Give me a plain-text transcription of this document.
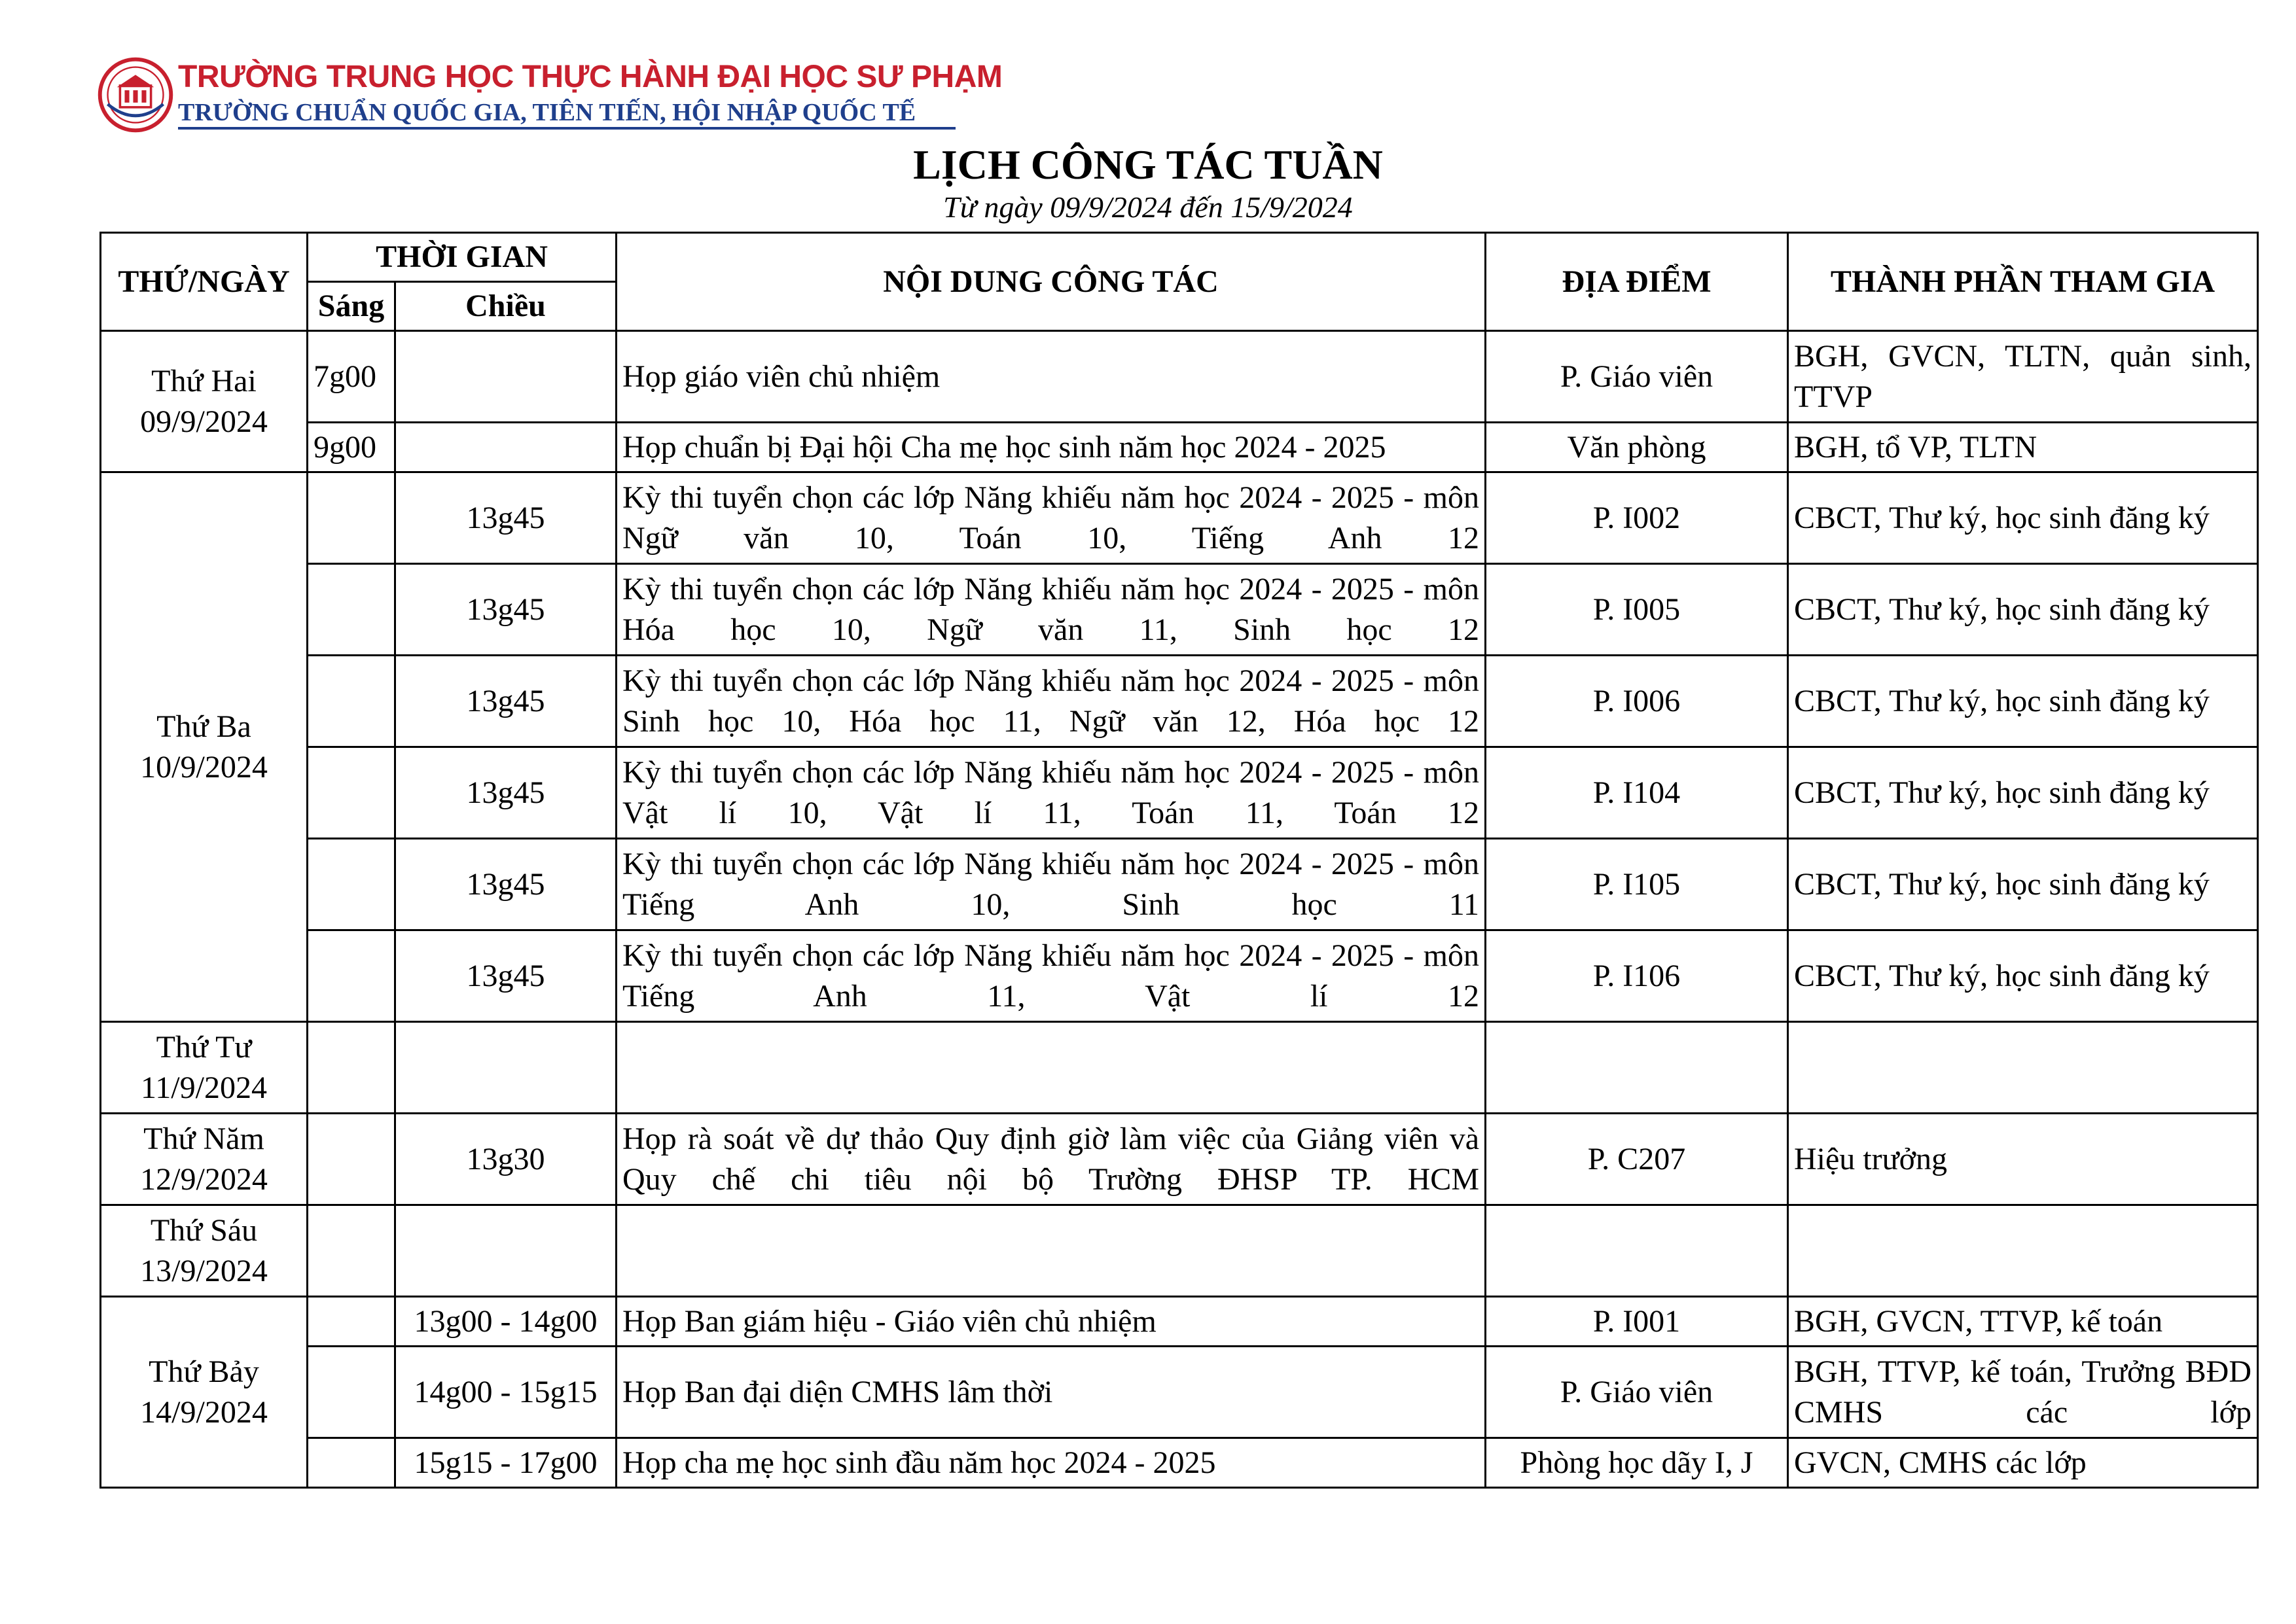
TRƯỜNG TRUNG HỌC THỰC HÀNH ĐẠI HỌC SƯ PHẠM
TRƯỜNG CHUẨN QUỐC GIA, TIÊN TIẾN, HỘI NHẬP QUỐC TẾ
LỊCH CÔNG TÁC TUẦN
Từ ngày 09/9/2024 đến 15/9/2024
THỨ/NGÀY	THỜI GIAN		NỘI DUNG CÔNG TÁC	ĐỊA ĐIỂM	THÀNH PHẦN THAM GIA
	Sáng	Chiều			

Thứ Hai
09/9/2024	7g00		Họp giáo viên chủ nhiệm	P. Giáo viên	BGH, GVCN, TLTN, quản sinh, TTVP
	9g00		Họp chuẩn bị Đại hội Cha mẹ học sinh năm học 2024 - 2025	Văn phòng	BGH, tổ VP, TLTN

Thứ Ba
10/9/2024		13g45	Kỳ thi tuyển chọn các lớp Năng khiếu năm học 2024 - 2025 - môn Ngữ văn 10, Toán 10, Tiếng Anh 12	P. I002	CBCT, Thư ký, học sinh đăng ký
		13g45	Kỳ thi tuyển chọn các lớp Năng khiếu năm học 2024 - 2025 - môn Hóa học 10, Ngữ văn 11, Sinh học 12	P. I005	CBCT, Thư ký, học sinh đăng ký
		13g45	Kỳ thi tuyển chọn các lớp Năng khiếu năm học 2024 - 2025 - môn Sinh học 10, Hóa học 11, Ngữ văn 12, Hóa học 12	P. I006	CBCT, Thư ký, học sinh đăng ký
		13g45	Kỳ thi tuyển chọn các lớp Năng khiếu năm học 2024 - 2025 - môn Vật lí 10, Vật lí 11, Toán 11, Toán 12	P. I104	CBCT, Thư ký, học sinh đăng ký
		13g45	Kỳ thi tuyển chọn các lớp Năng khiếu năm học 2024 - 2025 - môn Tiếng Anh 10, Sinh học 11	P. I105	CBCT, Thư ký, học sinh đăng ký
		13g45	Kỳ thi tuyển chọn các lớp Năng khiếu năm học 2024 - 2025 - môn Tiếng Anh 11, Vật lí 12	P. I106	CBCT, Thư ký, học sinh đăng ký

Thứ Tư
11/9/2024					

Thứ Năm
12/9/2024		13g30	Họp rà soát về dự thảo Quy định giờ làm việc của Giảng viên và Quy chế chi tiêu nội bộ Trường ĐHSP TP. HCM	P. C207	Hiệu trưởng

Thứ Sáu
13/9/2024					

Thứ Bảy
14/9/2024		13g00 - 14g00	Họp Ban giám hiệu - Giáo viên chủ nhiệm	P. I001	BGH, GVCN, TTVP, kế toán
		14g00 - 15g15	Họp Ban đại diện CMHS lâm thời	P. Giáo viên	BGH, TTVP, kế toán, Trưởng BĐD CMHS các lớp
		15g15 - 17g00	Họp cha mẹ học sinh đầu năm học 2024 - 2025	Phòng học dãy I, J	GVCN, CMHS các lớp
